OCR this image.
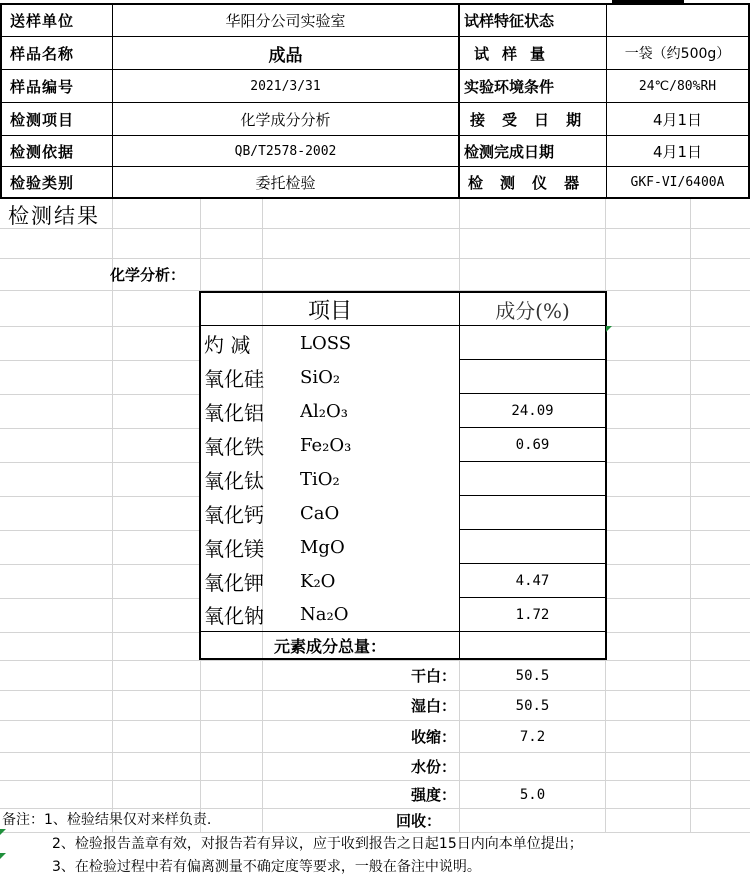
送样单位	华阳分公司实验室	试样特征状态
样品名称	成品	试 样 量	一袋（约500g）
样品编号	2021/3/31	实验环境条件	24℃/80%RH
检测项目	化学成分分析	接 受 日 期	4月1日
检测依据	QB/T2578-2002	检测完成日期	4月1日
检验类别	委托检验	检 测 仪 器	GKF-VI/6400A
检测结果
化学分析：
项目	成分(%)
灼 减	LOSS
氧化硅	SiO₂
氧化铝	Al₂O₃	24.09
氧化铁	Fe₂O₃	0.69
氧化钛	TiO₂
氧化钙	CaO
氧化镁	MgO
氧化钾	K₂O	4.47
氧化钠	Na₂O	1.72
元素成分总量：
干白：	50.5
湿白：	50.5
收缩：	7.2
水份：
强度：	5.0
回收：
备注：1、检验结果仅对来样负责.
2、检验报告盖章有效，对报告若有异议，应于收到报告之日起15日内向本单位提出；
3、在检验过程中若有偏离测量不确定度等要求，一般在备注中说明。
